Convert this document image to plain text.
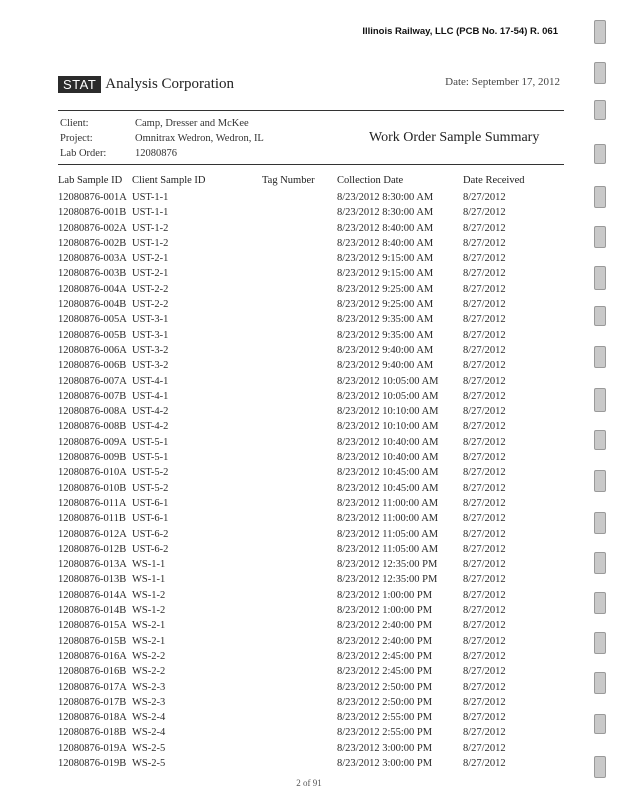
Illinois Railway, LLC (PCB No. 17-54) R. 061
STAT Analysis Corporation	Date: September 17, 2012
Client:	Camp, Dresser and McKee
Project:	Omnitrax Wedron, Wedron, IL
Lab Order:	12080876
Work Order Sample Summary
Lab Sample ID Client Sample ID	Tag Number Collection Date	Date Received
12080876-001A UST-1-1	8/23/2012 8:30:00 AM	8/27/2012
12080876-001B UST-1-1	8/23/2012 8:30:00 AM	8/27/2012
12080876-002A UST-1-2	8/23/2012 8:40:00 AM	8/27/2012
12080876-002B UST-1-2	8/23/2012 8:40:00 AM	8/27/2012
12080876-003A UST-2-1	8/23/2012 9:15:00 AM	8/27/2012
12080876-003B UST-2-1	8/23/2012 9:15:00 AM	8/27/2012
12080876-004A UST-2-2	8/23/2012 9:25:00 AM	8/27/2012
12080876-004B UST-2-2	8/23/2012 9:25:00 AM	8/27/2012
12080876-005A UST-3-1	8/23/2012 9:35:00 AM	8/27/2012
12080876-005B UST-3-1	8/23/2012 9:35:00 AM	8/27/2012
12080876-006A UST-3-2	8/23/2012 9:40:00 AM	8/27/2012
12080876-006B UST-3-2	8/23/2012 9:40:00 AM	8/27/2012
12080876-007A UST-4-1	8/23/2012 10:05:00 AM 8/27/2012
12080876-007B UST-4-1	8/23/2012 10:05:00 AM 8/27/2012
12080876-008A UST-4-2	8/23/2012 10:10:00 AM 8/27/2012
12080876-008B UST-4-2	8/23/2012 10:10:00 AM 8/27/2012
12080876-009A UST-5-1	8/23/2012 10:40:00 AM 8/27/2012
12080876-009B UST-5-1	8/23/2012 10:40:00 AM 8/27/2012
12080876-010A UST-5-2	8/23/2012 10:45:00 AM 8/27/2012
12080876-010B UST-5-2	8/23/2012 10:45:00 AM 8/27/2012
12080876-011A UST-6-1	8/23/2012 11:00:00 AM 8/27/2012
12080876-011B UST-6-1	8/23/2012 11:00:00 AM 8/27/2012
12080876-012A UST-6-2	8/23/2012 11:05:00 AM 8/27/2012
12080876-012B UST-6-2	8/23/2012 11:05:00 AM 8/27/2012
12080876-013A WS-1-1	8/23/2012 12:35:00 PM 8/27/2012
12080876-013B WS-1-1	8/23/2012 12:35:00 PM 8/27/2012
12080876-014A WS-1-2	8/23/2012 1:00:00 PM	8/27/2012
12080876-014B WS-1-2	8/23/2012 1:00:00 PM	8/27/2012
12080876-015A WS-2-1	8/23/2012 2:40:00 PM	8/27/2012
12080876-015B WS-2-1	8/23/2012 2:40:00 PM	8/27/2012
12080876-016A WS-2-2	8/23/2012 2:45:00 PM	8/27/2012
12080876-016B WS-2-2	8/23/2012 2:45:00 PM	8/27/2012
12080876-017A WS-2-3	8/23/2012 2:50:00 PM	8/27/2012
12080876-017B WS-2-3	8/23/2012 2:50:00 PM	8/27/2012
12080876-018A WS-2-4	8/23/2012 2:55:00 PM	8/27/2012
12080876-018B WS-2-4	8/23/2012 2:55:00 PM	8/27/2012
12080876-019A WS-2-5	8/23/2012 3:00:00 PM	8/27/2012
12080876-019B WS-2-5	8/23/2012 3:00:00 PM	8/27/2012
2 of 91
